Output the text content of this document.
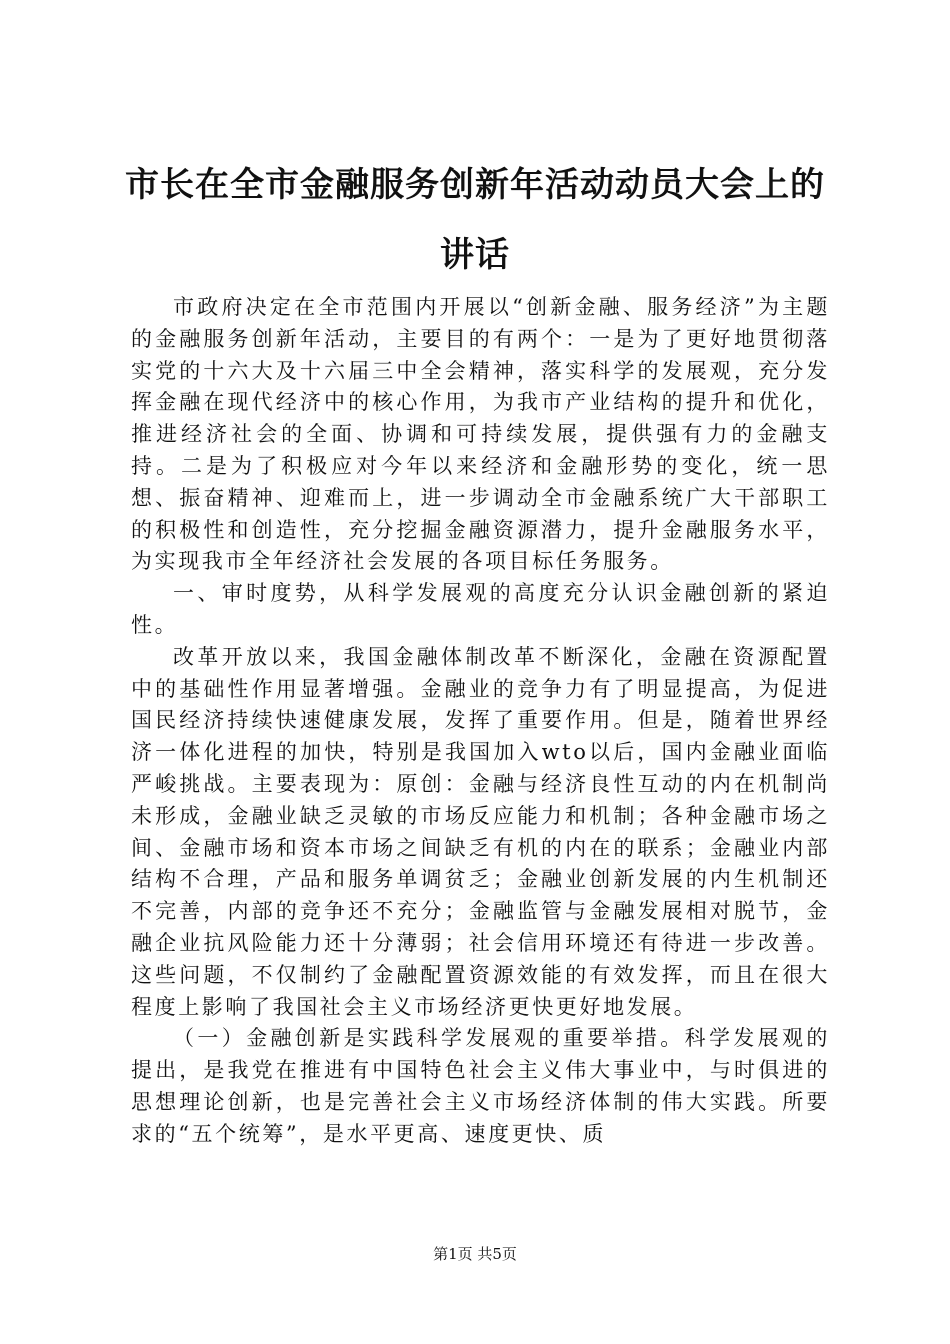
市长在全市金融服务创新年活动动员大会上的讲话

市政府决定在全市范围内开展以“创新金融、服务经济”为主题的金融服务创新年活动，主要目的有两个：一是为了更好地贯彻落实党的十六大及十六届三中全会精神，落实科学的发展观，充分发挥金融在现代经济中的核心作用，为我市产业结构的提升和优化，推进经济社会的全面、协调和可持续发展，提供强有力的金融支持。二是为了积极应对今年以来经济和金融形势的变化，统一思想、振奋精神、迎难而上，进一步调动全市金融系统广大干部职工的积极性和创造性，充分挖掘金融资源潜力，提升金融服务水平，为实现我市全年经济社会发展的各项目标任务服务。

一、审时度势，从科学发展观的高度充分认识金融创新的紧迫性。

改革开放以来，我国金融体制改革不断深化，金融在资源配置中的基础性作用显著增强。金融业的竞争力有了明显提高，为促进国民经济持续快速健康发展，发挥了重要作用。但是，随着世界经济一体化进程的加快，特别是我国加入wto以后，国内金融业面临严峻挑战。主要表现为：原创：金融与经济良性互动的内在机制尚未形成，金融业缺乏灵敏的市场反应能力和机制；各种金融市场之间、金融市场和资本市场之间缺乏有机的内在的联系；金融业内部结构不合理，产品和服务单调贫乏；金融业创新发展的内生机制还不完善，内部的竞争还不充分；金融监管与金融发展相对脱节，金融企业抗风险能力还十分薄弱；社会信用环境还有待进一步改善。这些问题，不仅制约了金融配置资源效能的有效发挥，而且在很大程度上影响了我国社会主义市场经济更快更好地发展。

（一）金融创新是实践科学发展观的重要举措。科学发展观的提出，是我党在推进有中国特色社会主义伟大事业中，与时俱进的思想理论创新，也是完善社会主义市场经济体制的伟大实践。所要求的“五个统筹”，是水平更高、速度更快、质

第1页 共5页
